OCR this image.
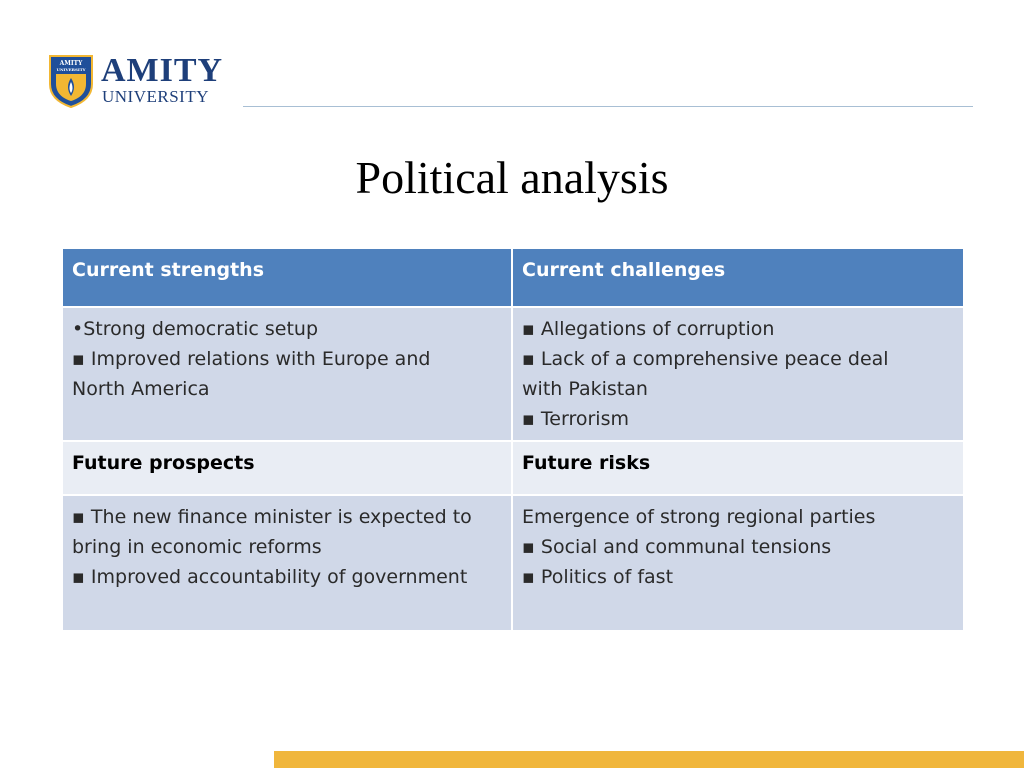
AMITY
UNIVERSITY AMITY
UNIVERSITY
Political analysis
Current strengths	Current challenges

•Strong democratic setup
▪ Improved relations with Europe and
North America	▪ Allegations of corruption
▪ Lack of a comprehensive peace deal
with Pakistan
▪ Terrorism

Future prospects	Future risks

▪ The new finance minister is expected to
bring in economic reforms
▪ Improved accountability of government	Emergence of strong regional parties
▪ Social and communal tensions
▪ Politics of fast
